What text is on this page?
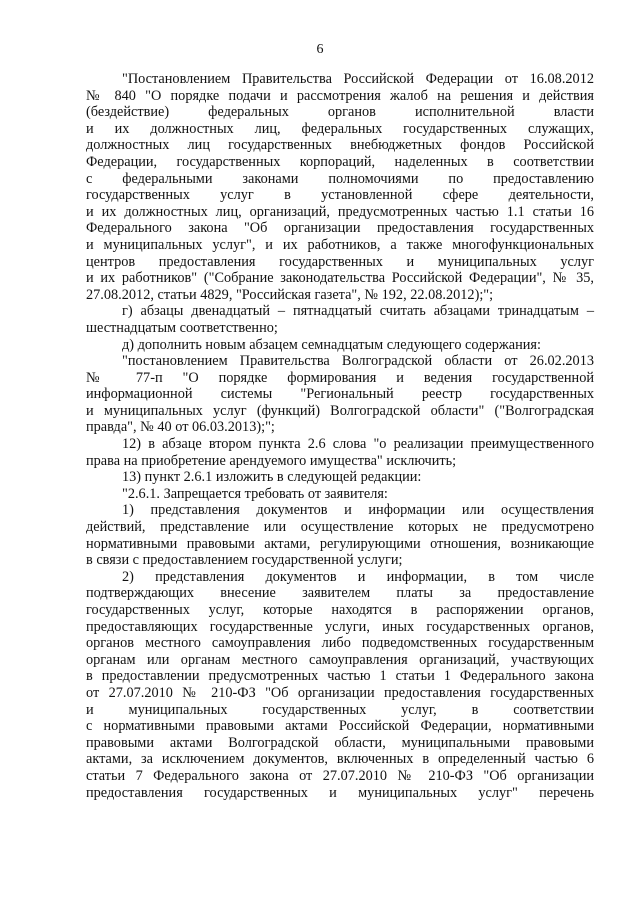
6
"Постановлением Правительства Российской Федерации от 16.08.2012
№ 840 "О порядке подачи и рассмотрения жалоб на решения и действия
(бездействие) федеральных органов исполнительной власти
и их должностных лиц, федеральных государственных служащих,
должностных лиц государственных внебюджетных фондов Российской
Федерации, государственных корпораций, наделенных в соответствии
с федеральными законами полномочиями по предоставлению
государственных услуг в установленной сфере деятельности,
и их должностных лиц, организаций, предусмотренных частью 1.1 статьи 16
Федерального закона "Об организации предоставления государственных
и муниципальных услуг", и их работников, а также многофункциональных
центров предоставления государственных и муниципальных услуг
и их работников" ("Собрание законодательства Российской Федерации", № 35,
27.08.2012, статьи 4829, "Российская газета", № 192, 22.08.2012);";
г) абзацы двенадцатый – пятнадцатый считать абзацами тринадцатым –
шестнадцатым соответственно;
д) дополнить новым абзацем семнадцатым следующего содержания:
"постановлением Правительства Волгоградской области от 26.02.2013
№ 77-п "О порядке формирования и ведения государственной
информационной системы "Региональный реестр государственных
и муниципальных услуг (функций) Волгоградской области" ("Волгоградская
правда", № 40 от 06.03.2013);";
12) в абзаце втором пункта 2.6 слова "о реализации преимущественного
права на приобретение арендуемого имущества" исключить;
13) пункт 2.6.1 изложить в следующей редакции:
"2.6.1. Запрещается требовать от заявителя:
1) представления документов и информации или осуществления
действий, представление или осуществление которых не предусмотрено
нормативными правовыми актами, регулирующими отношения, возникающие
в связи с предоставлением государственной услуги;
2) представления документов и информации, в том числе
подтверждающих внесение заявителем платы за предоставление
государственных услуг, которые находятся в распоряжении органов,
предоставляющих государственные услуги, иных государственных органов,
органов местного самоуправления либо подведомственных государственным
органам или органам местного самоуправления организаций, участвующих
в предоставлении предусмотренных частью 1 статьи 1 Федерального закона
от 27.07.2010 № 210-ФЗ "Об организации предоставления государственных
и муниципальных государственных услуг, в соответствии
с нормативными правовыми актами Российской Федерации, нормативными
правовыми актами Волгоградской области, муниципальными правовыми
актами, за исключением документов, включенных в определенный частью 6
статьи 7 Федерального закона от 27.07.2010 № 210-ФЗ "Об организации
предоставления государственных и муниципальных услуг" перечень
